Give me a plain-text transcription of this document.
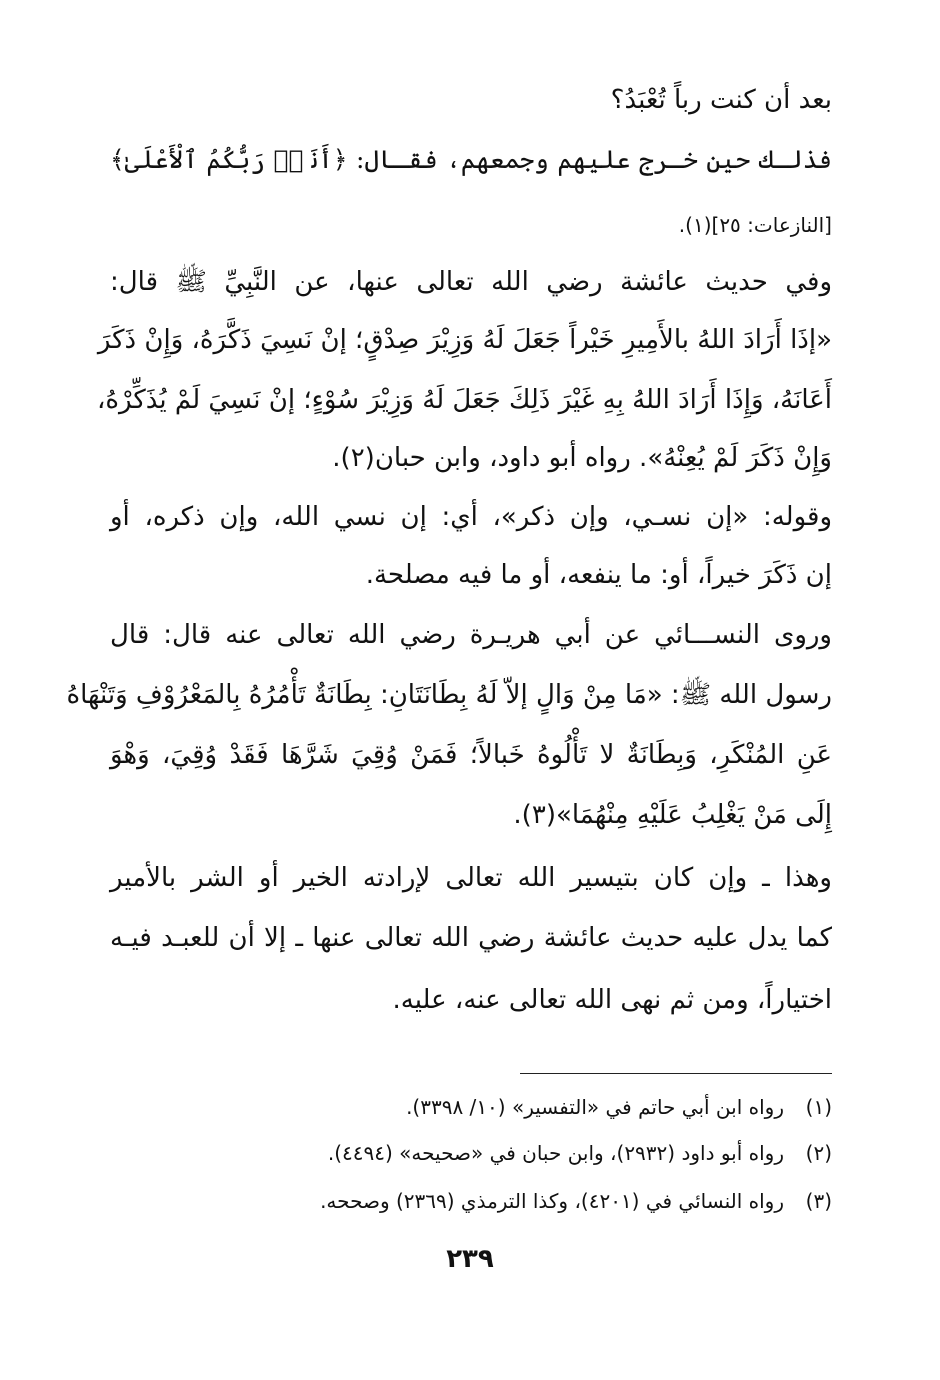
بعد أن كنت رباً تُعْبَدُ؟
فذلـك حين خـرج عليهم وجمعهم، فقـال: ﴿أَنَا۠ رَبُّكُمُ ٱلْأَعْلَىٰ﴾
[النازعات: ٢٥](١).
وفي حديث عائشة رضي الله تعالى عنها، عن النَّبِيِّ ﷺ قال:
«إذَا أَرَادَ اللهُ بالأَمِيرِ خَيْراً جَعَلَ لَهُ وَزِيْرَ صِدْقٍ؛ إنْ نَسِيَ ذَكَّرَهُ، وَإِنْ ذَكَرَ
أَعَانَهُ، وَإِذَا أَرَادَ اللهُ بِهِ غَيْرَ ذَلِكَ جَعَلَ لَهُ وَزِيْرَ سُوْءٍ؛ إنْ نَسِيَ لَمْ يُذَكِّرْهُ،
وَإِنْ ذَكَرَ لَمْ يُعِنْهُ». رواه أبو داود، وابن حبان(٢).
وقوله: «إن نسـي، وإن ذكر»، أي: إن نسي الله، وإن ذكره، أو
إن ذَكَرَ خيراً، أو: ما ينفعه، أو ما فيه مصلحة.
وروى النســـائي عن أبي هريـرة رضي الله تعالى عنه قال: قال
رسول الله ﷺ: «مَا مِنْ وَالٍ إلاّ لَهُ بِطَانَتَانِ: بِطَانَةٌ تَأْمُرُهُ بِالمَعْرُوْفِ وَتَنْهَاهُ
عَنِ المُنْكَرِ، وَبِطَانَةٌ لا تَأْلُوهُ خَبالاً؛ فَمَنْ وُقِيَ شَرَّهَا فَقَدْ وُقِيَ، وَهْوَ
إِلَى مَنْ يَغْلِبُ عَلَيْهِ مِنْهُمَا»(٣).
وهذا ـ وإن كان بتيسير الله تعالى لإرادته الخير أو الشر بالأمير
كما يدل عليه حديث عائشة رضي الله تعالى عنها ـ إلا أن للعبـد فيـه
اختياراً، ومن ثم نهى الله تعالى عنه، عليه.
(١)رواه ابن أبي حاتم في «التفسير» (١٠/ ٣٣٩٨).
(٢)رواه أبو داود (٢٩٣٢)، وابن حبان في «صحيحه» (٤٤٩٤).
(٣)رواه النسائي في (٤٢٠١)، وكذا الترمذي (٢٣٦٩) وصححه.
٢٣٩
